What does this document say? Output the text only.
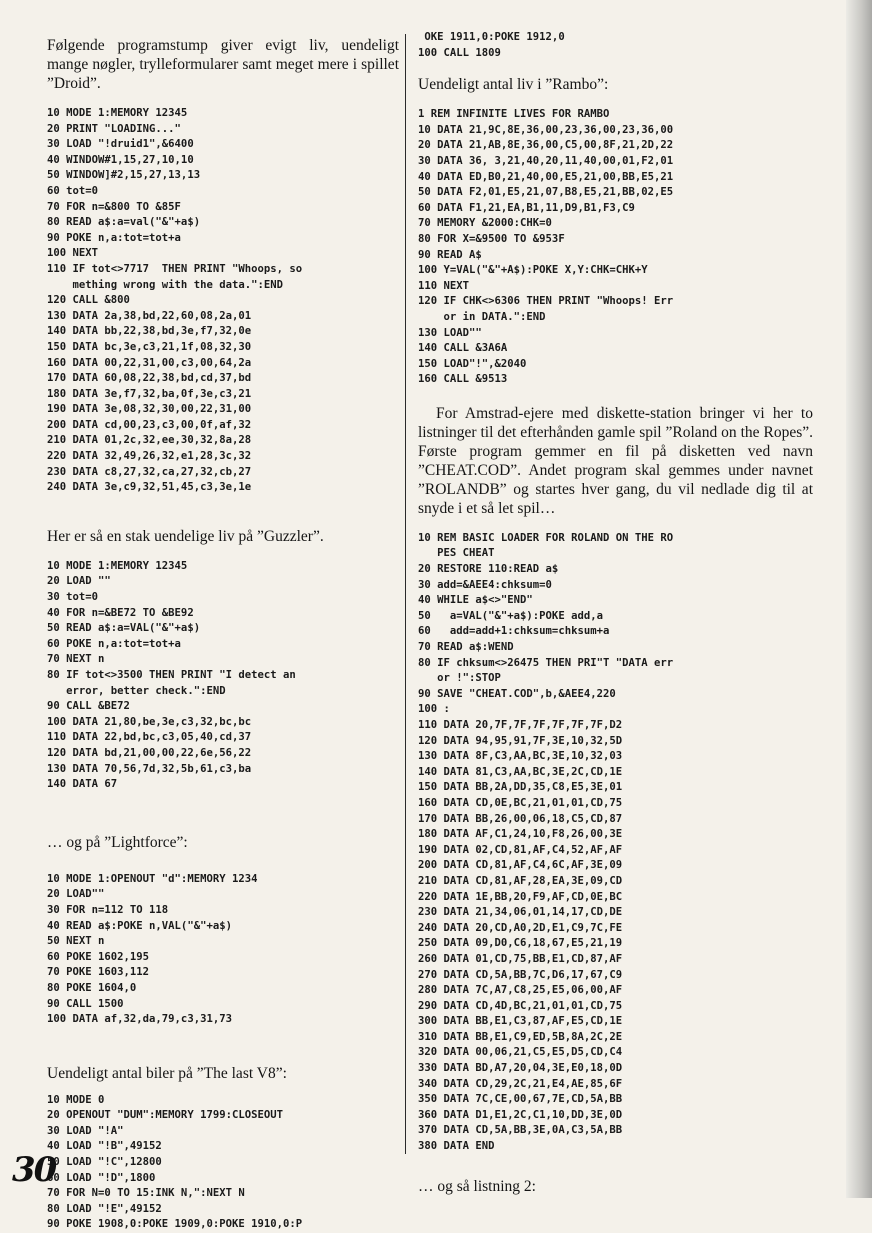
Følgende programstump giver evigt liv, uendeligt mange nøgler, trylleformularer samt meget mere i spillet ”Droid”.

10 MODE 1:MEMORY 12345
20 PRINT "LOADING..."
30 LOAD "!druid1",&6400
40 WINDOW#1,15,27,10,10
50 WINDOW]#2,15,27,13,13
60 tot=0
70 FOR n=&800 TO &85F
80 READ a$:a=val("&"+a$)
90 POKE n,a:tot=tot+a
100 NEXT
110 IF tot<>7717  THEN PRINT "Whoops, so
mething wrong with the data.":END
120 CALL &800
130 DATA 2a,38,bd,22,60,08,2a,01
140 DATA bb,22,38,bd,3e,f7,32,0e
150 DATA bc,3e,c3,21,1f,08,32,30
160 DATA 00,22,31,00,c3,00,64,2a
170 DATA 60,08,22,38,bd,cd,37,bd
180 DATA 3e,f7,32,ba,0f,3e,c3,21
190 DATA 3e,08,32,30,00,22,31,00
200 DATA cd,00,23,c3,00,0f,af,32
210 DATA 01,2c,32,ee,30,32,8a,28
220 DATA 32,49,26,32,e1,28,3c,32
230 DATA c8,27,32,ca,27,32,cb,27
240 DATA 3e,c9,32,51,45,c3,3e,1e

Her er så en stak uendelige liv på ”Guzzler”.

10 MODE 1:MEMORY 12345
20 LOAD ""
30 tot=0
40 FOR n=&BE72 TO &BE92
50 READ a$:a=VAL("&"+a$)
60 POKE n,a:tot=tot+a
70 NEXT n
80 IF tot<>3500 THEN PRINT "I detect an
error, better check.":END
90 CALL &BE72
100 DATA 21,80,be,3e,c3,32,bc,bc
110 DATA 22,bd,bc,c3,05,40,cd,37
120 DATA bd,21,00,00,22,6e,56,22
130 DATA 70,56,7d,32,5b,61,c3,ba
140 DATA 67

… og på ”Lightforce”:

10 MODE 1:OPENOUT "d":MEMORY 1234
20 LOAD""
30 FOR n=112 TO 118
40 READ a$:POKE n,VAL("&"+a$)
50 NEXT n
60 POKE 1602,195
70 POKE 1603,112
80 POKE 1604,0
90 CALL 1500
100 DATA af,32,da,79,c3,31,73

Uendeligt antal biler på ”The last V8”:

10 MODE 0
20 OPENOUT "DUM":MEMORY 1799:CLOSEOUT
30 LOAD "!A"
40 LOAD "!B",49152
50 LOAD "!C",12800
60 LOAD "!D",1800
70 FOR N=0 TO 15:INK N,":NEXT N
80 LOAD "!E",49152
90 POKE 1908,0:POKE 1909,0:POKE 1910,0:P
OKE 1911,0:POKE 1912,0
100 CALL 1809

Uendeligt antal liv i ”Rambo”:

1 REM INFINITE LIVES FOR RAMBO
10 DATA 21,9C,8E,36,00,23,36,00,23,36,00
20 DATA 21,AB,8E,36,00,C5,00,8F,21,2D,22
30 DATA 36, 3,21,40,20,11,40,00,01,F2,01
40 DATA ED,B0,21,40,00,E5,21,00,BB,E5,21
50 DATA F2,01,E5,21,07,B8,E5,21,BB,02,E5
60 DATA F1,21,EA,B1,11,D9,B1,F3,C9
70 MEMORY &2000:CHK=0
80 FOR X=&9500 TO &953F
90 READ A$
100 Y=VAL("&"+A$):POKE X,Y:CHK=CHK+Y
110 NEXT
120 IF CHK<>6306 THEN PRINT "Whoops! Err
or in DATA.":END
130 LOAD""
140 CALL &3A6A
150 LOAD"!",&2040
160 CALL &9513

For Amstrad-ejere med diskette-station bringer vi her to listninger til det efterhånden gamle spil ”Roland on the Ropes”. Første program gemmer en fil på disketten ved navn ”CHEAT.COD”. Andet program skal gemmes under navnet ”ROLANDB” og startes hver gang, du vil nedlade dig til at snyde i et så let spil…

10 REM BASIC LOADER FOR ROLAND ON THE RO
PES CHEAT
20 RESTORE 110:READ a$
30 add=&AEE4:chksum=0
40 WHILE a$<>"END"
50   a=VAL("&"+a$):POKE add,a
60   add=add+1:chksum=chksum+a
70 READ a$:WEND
80 IF chksum<>26475 THEN PRI"T "DATA err
or !":STOP
90 SAVE "CHEAT.COD",b,&AEE4,220
100 :
110 DATA 20,7F,7F,7F,7F,7F,7F,D2
120 DATA 94,95,91,7F,3E,10,32,5D
130 DATA 8F,C3,AA,BC,3E,10,32,03
140 DATA 81,C3,AA,BC,3E,2C,CD,1E
150 DATA BB,2A,DD,35,C8,E5,3E,01
160 DATA CD,0E,BC,21,01,01,CD,75
170 DATA BB,26,00,06,18,C5,CD,87
180 DATA AF,C1,24,10,F8,26,00,3E
190 DATA 02,CD,81,AF,C4,52,AF,AF
200 DATA CD,81,AF,C4,6C,AF,3E,09
210 DATA CD,81,AF,28,EA,3E,09,CD
220 DATA 1E,BB,20,F9,AF,CD,0E,BC
230 DATA 21,34,06,01,14,17,CD,DE
240 DATA 20,CD,A0,2D,E1,C9,7C,FE
250 DATA 09,D0,C6,18,67,E5,21,19
260 DATA 01,CD,75,BB,E1,CD,87,AF
270 DATA CD,5A,BB,7C,D6,17,67,C9
280 DATA 7C,A7,C8,25,E5,06,00,AF
290 DATA CD,4D,BC,21,01,01,CD,75
300 DATA BB,E1,C3,87,AF,E5,CD,1E
310 DATA BB,E1,C9,ED,5B,8A,2C,2E
320 DATA 00,06,21,C5,E5,D5,CD,C4
330 DATA BD,A7,20,04,3E,E0,18,0D
340 DATA CD,29,2C,21,E4,AE,85,6F
350 DATA 7C,CE,00,67,7E,CD,5A,BB
360 DATA D1,E1,2C,C1,10,DD,3E,0D
370 DATA CD,5A,BB,3E,0A,C3,5A,BB
380 DATA END

… og så listning 2:

30
